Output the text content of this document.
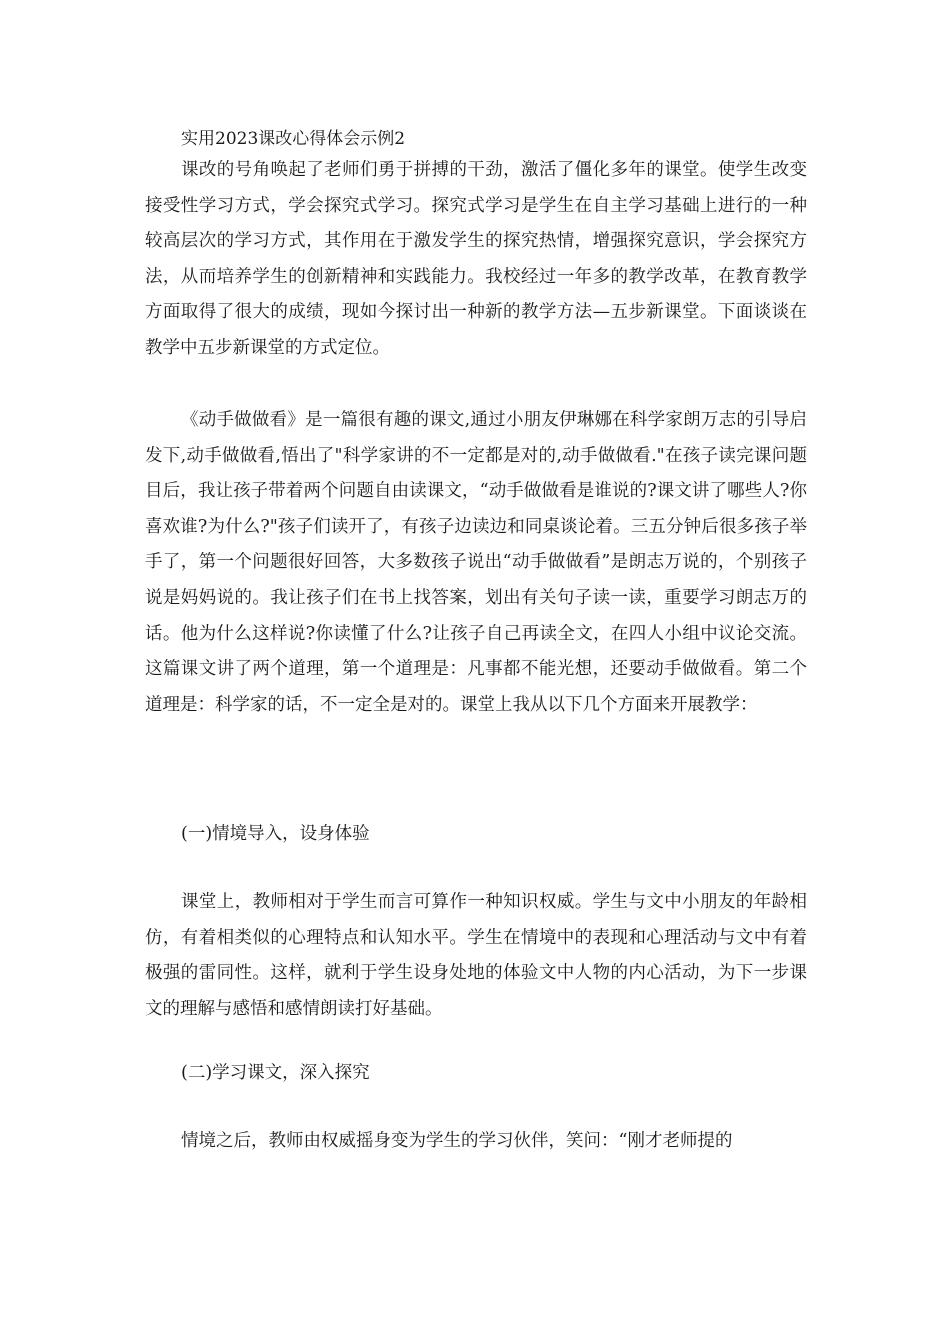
实用2023课改心得体会示例2

课改的号角唤起了老师们勇于拼搏的干劲，激活了僵化多年的课堂。使学生改变接受性学习方式，学会探究式学习。探究式学习是学生在自主学习基础上进行的一种较高层次的学习方式，其作用在于激发学生的探究热情，增强探究意识，学会探究方法，从而培养学生的创新精神和实践能力。我校经过一年多的教学改革，在教育教学方面取得了很大的成绩，现如今探讨出一种新的教学方法—五步新课堂。下面谈谈在教学中五步新课堂的方式定位。

《动手做做看》是一篇很有趣的课文,通过小朋友伊琳娜在科学家朗万志的引导启发下,动手做做看,悟出了"科学家讲的不一定都是对的,动手做做看."在孩子读完课问题目后，我让孩子带着两个问题自由读课文，“动手做做看是谁说的?课文讲了哪些人?你喜欢谁?为什么?"孩子们读开了，有孩子边读边和同桌谈论着。三五分钟后很多孩子举手了，第一个问题很好回答，大多数孩子说出“动手做做看”是朗志万说的，个别孩子说是妈妈说的。我让孩子们在书上找答案，划出有关句子读一读，重要学习朗志万的话。他为什么这样说?你读懂了什么?让孩子自己再读全文，在四人小组中议论交流。这篇课文讲了两个道理，第一个道理是：凡事都不能光想，还要动手做做看。第二个道理是：科学家的话，不一定全是对的。课堂上我从以下几个方面来开展教学：

(一)情境导入，设身体验

课堂上，教师相对于学生而言可算作一种知识权威。学生与文中小朋友的年龄相仿，有着相类似的心理特点和认知水平。学生在情境中的表现和心理活动与文中有着极强的雷同性。这样，就利于学生设身处地的体验文中人物的内心活动，为下一步课文的理解与感悟和感情朗读打好基础。

(二)学习课文，深入探究

情境之后，教师由权威摇身变为学生的学习伙伴，笑问：“刚才老师提的
